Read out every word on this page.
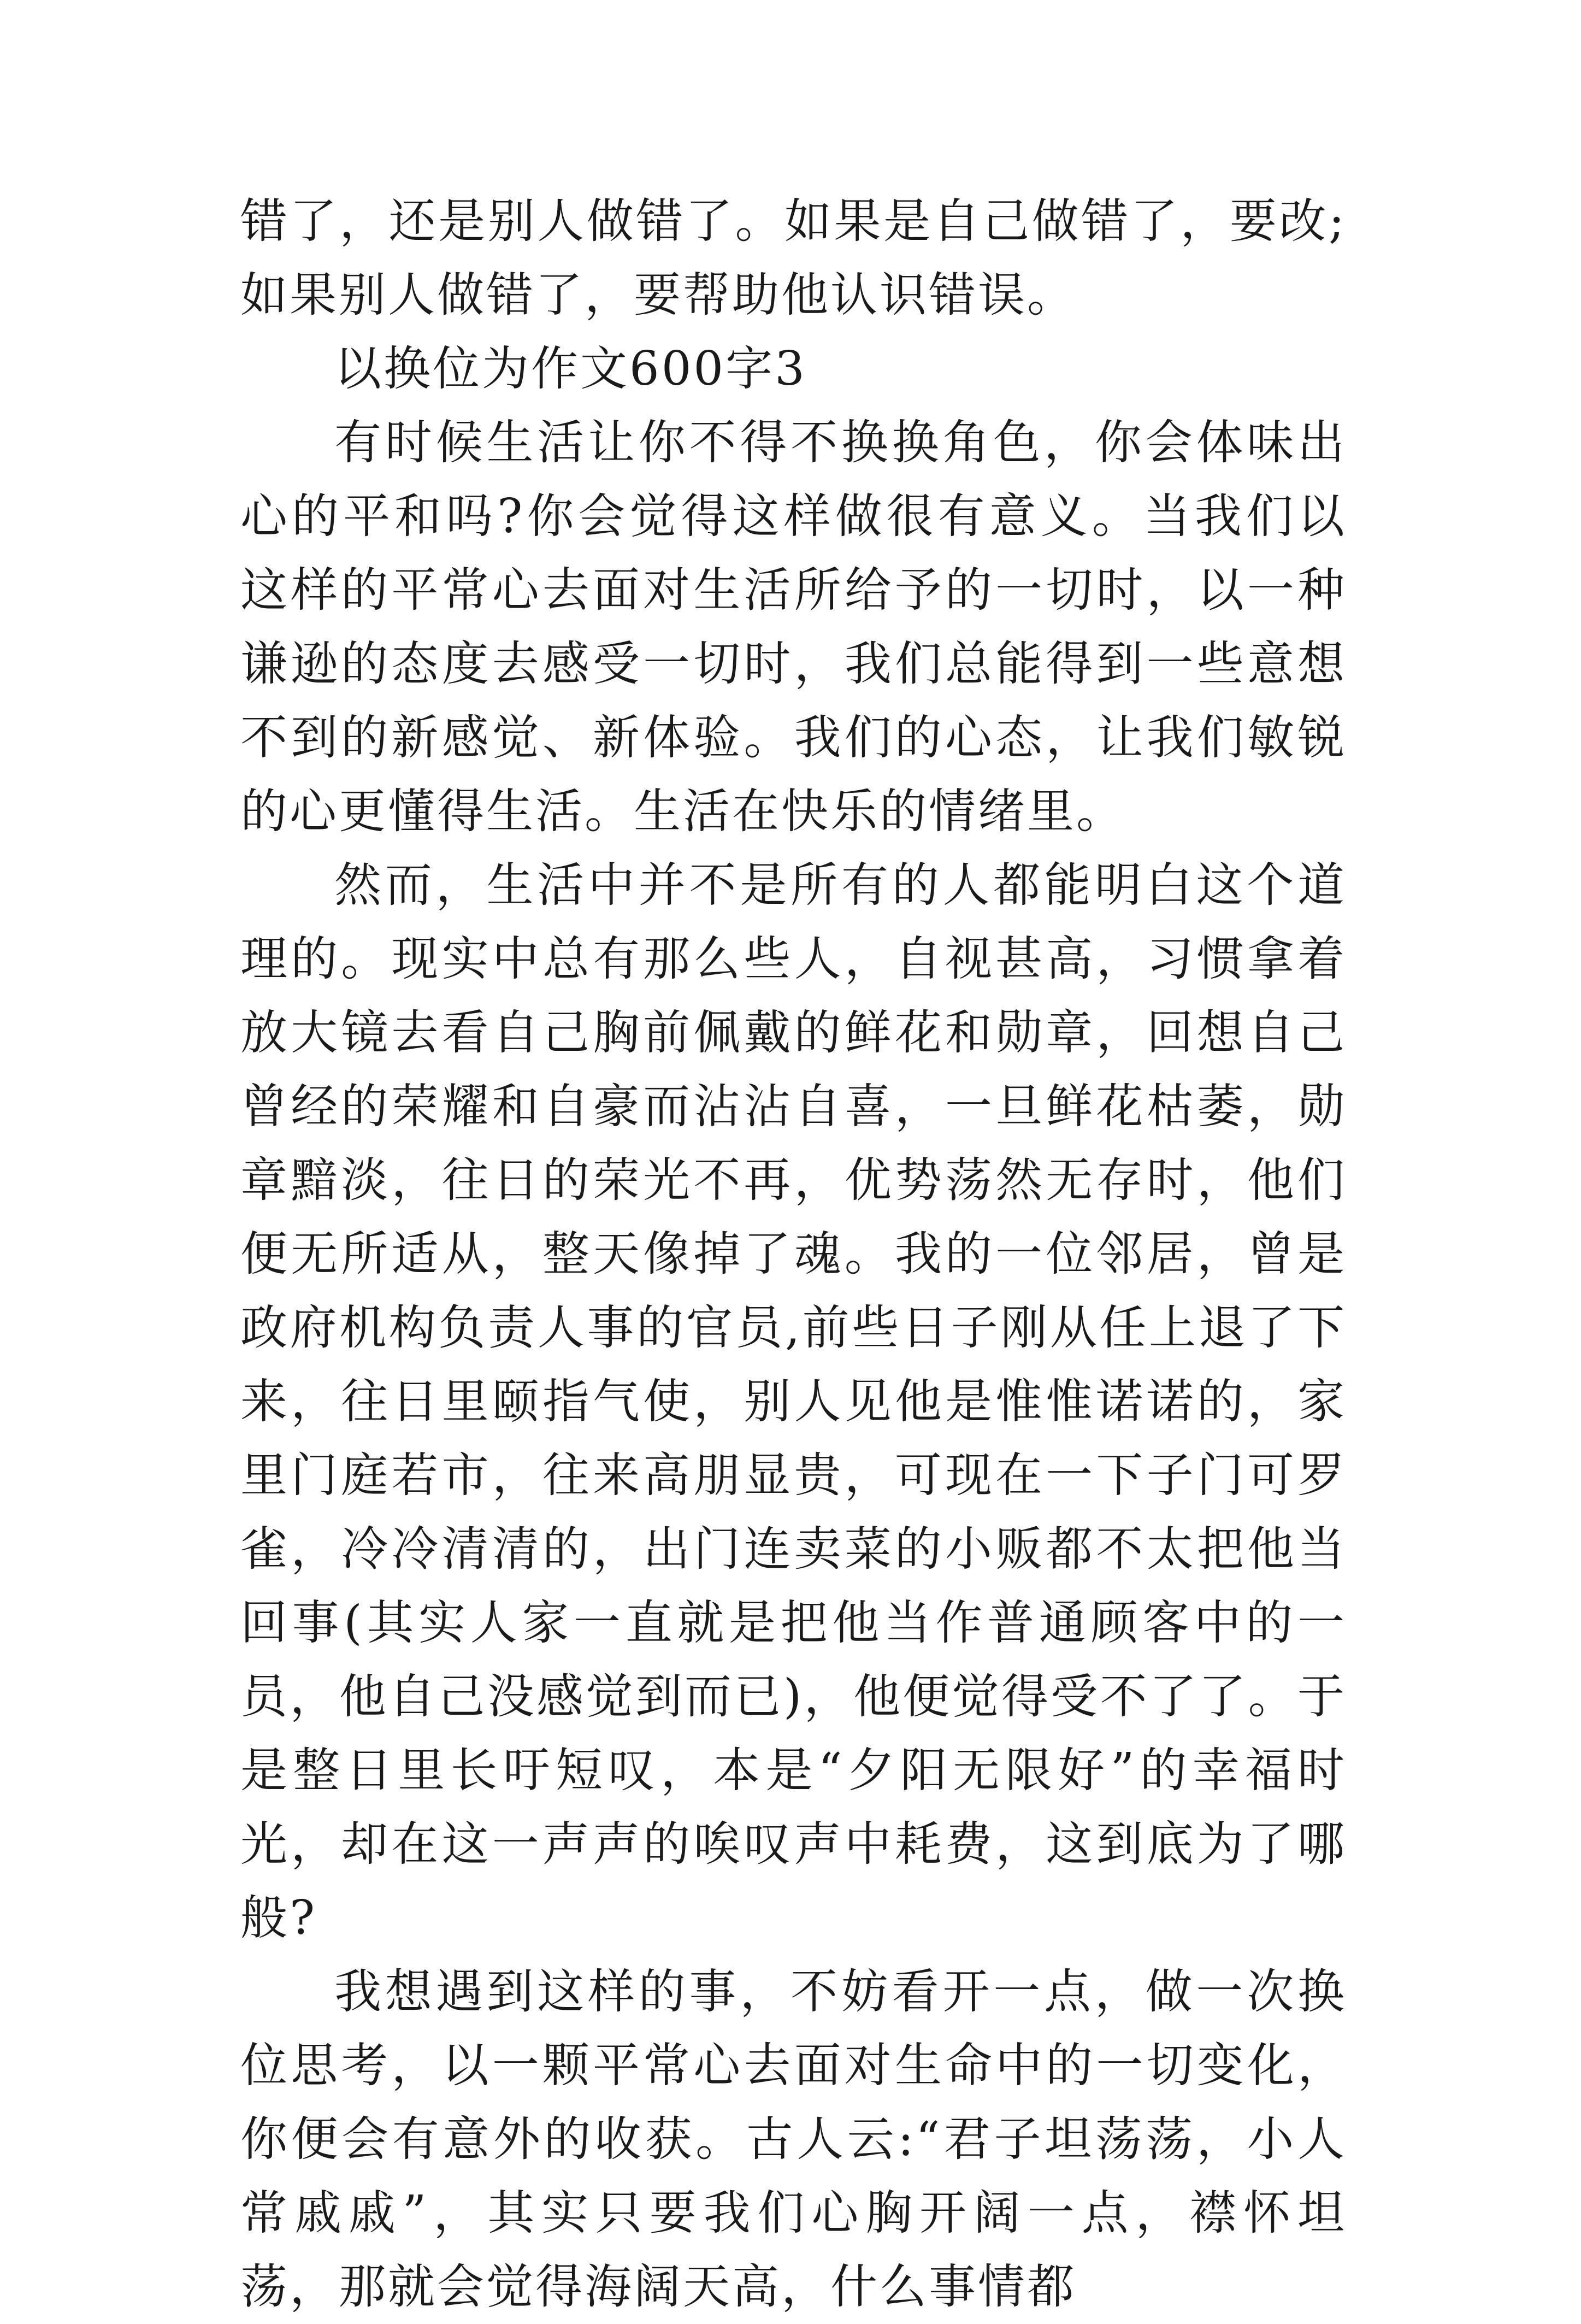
错了，还是别人做错了。如果是自己做错了，要改;如果别人做错了，要帮助他认识错误。

以换位为作文600字3

有时候生活让你不得不换换角色，你会体味出心的平和吗?你会觉得这样做很有意义。当我们以这样的平常心去面对生活所给予的一切时，以一种谦逊的态度去感受一切时，我们总能得到一些意想不到的新感觉、新体验。我们的心态，让我们敏锐的心更懂得生活。生活在快乐的情绪里。

然而，生活中并不是所有的人都能明白这个道理的。现实中总有那么些人，自视甚高，习惯拿着放大镜去看自己胸前佩戴的鲜花和勋章，回想自己曾经的荣耀和自豪而沾沾自喜，一旦鲜花枯萎，勋章黯淡，往日的荣光不再，优势荡然无存时，他们便无所适从，整天像掉了魂。我的一位邻居，曾是政府机构负责人事的官员,前些日子刚从任上退了下来，往日里颐指气使，别人见他是惟惟诺诺的，家里门庭若市，往来高朋显贵，可现在一下子门可罗雀，冷冷清清的，出门连卖菜的小贩都不太把他当回事(其实人家一直就是把他当作普通顾客中的一员，他自己没感觉到而已)，他便觉得受不了了。于是整日里长吁短叹，本是“夕阳无限好”的幸福时光，却在这一声声的唉叹声中耗费，这到底为了哪般?

我想遇到这样的事，不妨看开一点，做一次换位思考，以一颗平常心去面对生命中的一切变化，你便会有意外的收获。古人云:“君子坦荡荡，小人常戚戚”，其实只要我们心胸开阔一点，襟怀坦荡，那就会觉得海阔天高，什么事情都
